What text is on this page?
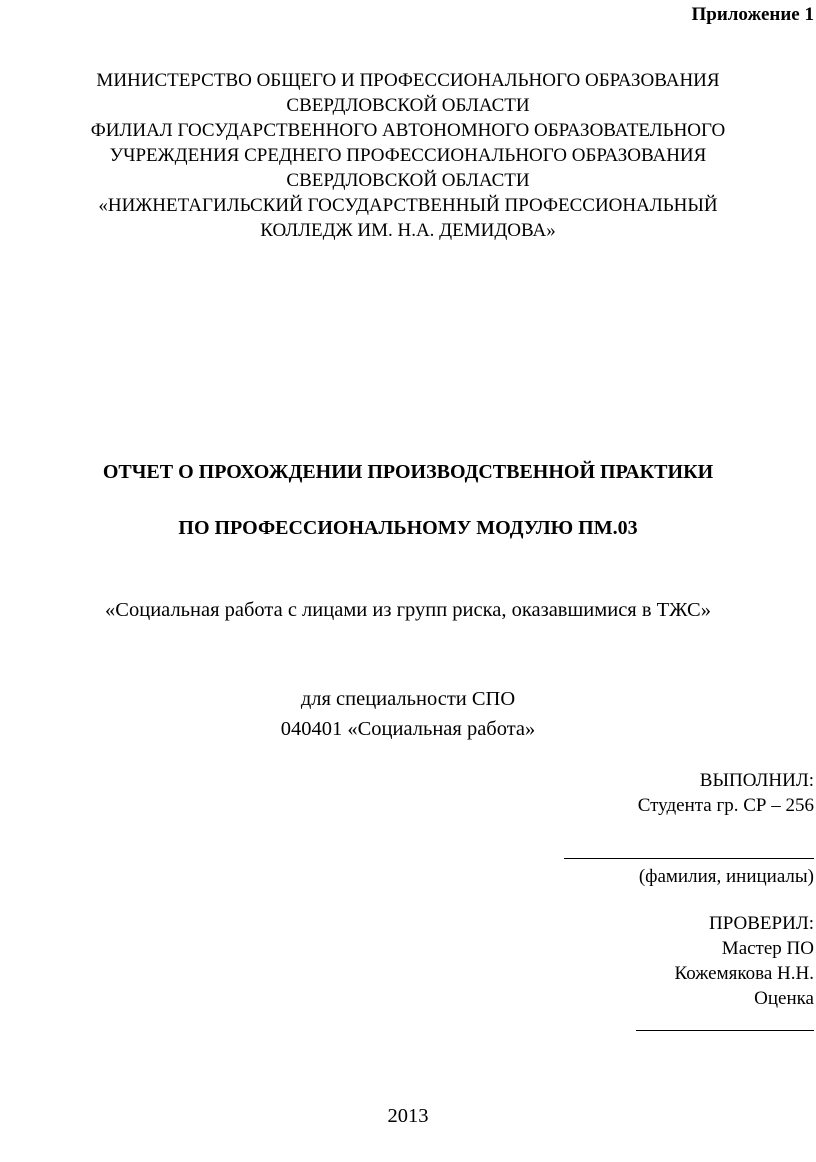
Приложение 1
МИНИСТЕРСТВО ОБЩЕГО И ПРОФЕССИОНАЛЬНОГО ОБРАЗОВАНИЯ
СВЕРДЛОВСКОЙ ОБЛАСТИ
ФИЛИАЛ ГОСУДАРСТВЕННОГО АВТОНОМНОГО ОБРАЗОВАТЕЛЬНОГО
УЧРЕЖДЕНИЯ СРЕДНЕГО ПРОФЕССИОНАЛЬНОГО ОБРАЗОВАНИЯ
СВЕРДЛОВСКОЙ ОБЛАСТИ
«НИЖНЕТАГИЛЬСКИЙ ГОСУДАРСТВЕННЫЙ ПРОФЕССИОНАЛЬНЫЙ
КОЛЛЕДЖ ИМ. Н.А. ДЕМИДОВА»
ОТЧЕТ О ПРОХОЖДЕНИИ ПРОИЗВОДСТВЕННОЙ ПРАКТИКИ
ПО ПРОФЕССИОНАЛЬНОМУ МОДУЛЮ ПМ.03
«Социальная работа с лицами из групп риска, оказавшимися в ТЖС»
для специальности СПО
040401 «Социальная работа»
ВЫПОЛНИЛ:
Студента гр. СР – 256
(фамилия, инициалы)
ПРОВЕРИЛ:
Мастер ПО
Кожемякова Н.Н.
Оценка
2013
